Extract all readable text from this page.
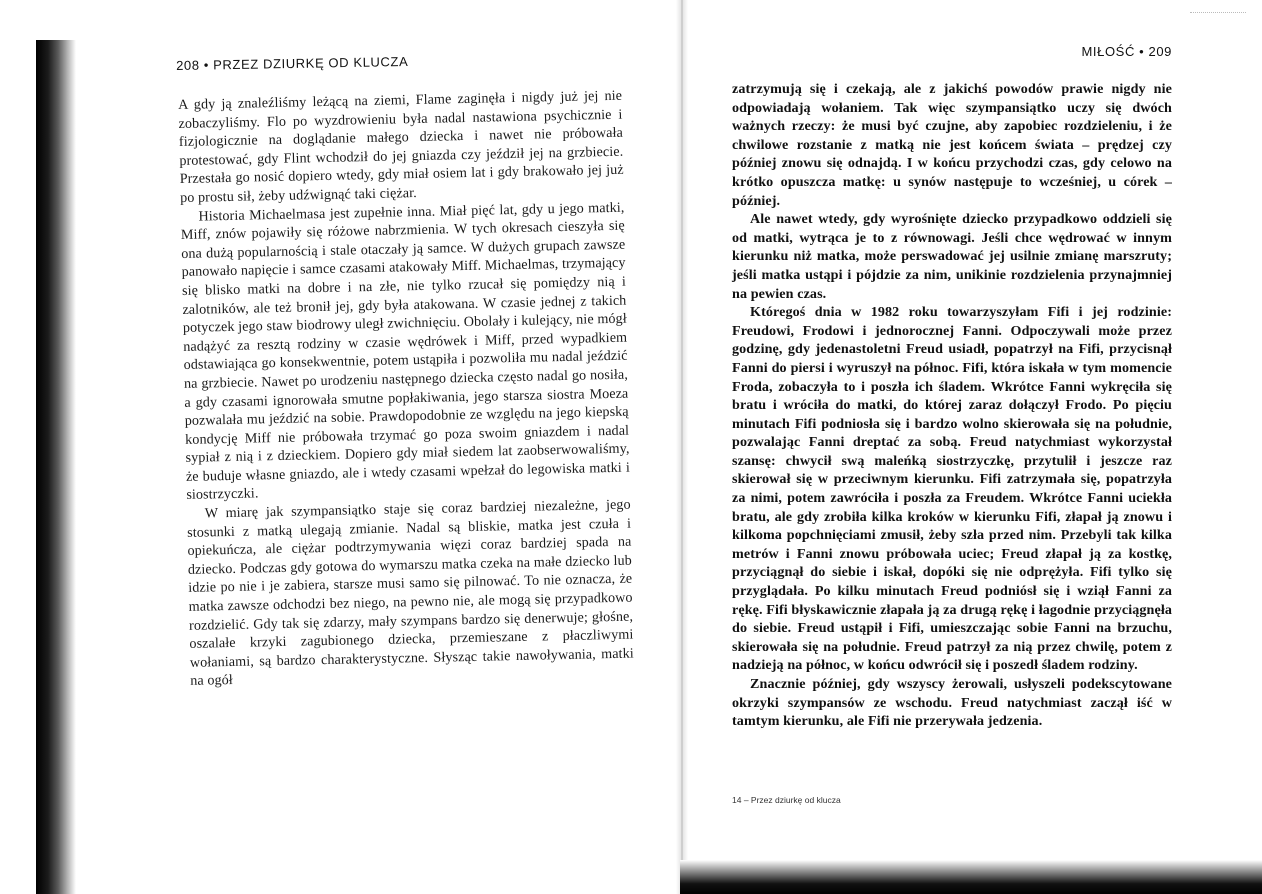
208 • PRZEZ DZIURKĘ OD KLUCZA

A gdy ją znaleźliśmy leżącą na ziemi, Flame zaginęła i nigdy już jej nie zobaczyliśmy. Flo po wyzdrowieniu była nadal nastawiona psychicznie i fizjologicznie na doglądanie małego dziecka i nawet nie próbowała protestować, gdy Flint wchodził do jej gniazda czy jeździł jej na grzbiecie. Przestała go nosić dopiero wtedy, gdy miał osiem lat i gdy brakowało jej już po prostu sił, żeby udźwignąć taki ciężar.

Historia Michaelmasa jest zupełnie inna. Miał pięć lat, gdy u jego matki, Miff, znów pojawiły się różowe nabrzmienia. W tych okresach cieszyła się ona dużą popularnością i stale otaczały ją samce. W dużych grupach zawsze panowało napięcie i samce czasami atakowały Miff. Michaelmas, trzymający się blisko matki na dobre i na złe, nie tylko rzucał się pomiędzy nią i zalotników, ale też bronił jej, gdy była atakowana. W czasie jednej z takich potyczek jego staw biodrowy uległ zwichnięciu. Obolały i kulejący, nie mógł nadążyć za resztą rodziny w czasie wędrówek i Miff, przed wypadkiem odstawiająca go konsekwentnie, potem ustąpiła i pozwoliła mu nadal jeździć na grzbiecie. Nawet po urodzeniu następnego dziecka często nadal go nosiła, a gdy czasami ignorowała smutne popłakiwania, jego starsza siostra Moeza pozwalała mu jeździć na sobie. Prawdopodobnie ze względu na jego kiepską kondycję Miff nie próbowała trzymać go poza swoim gniazdem i nadal sypiał z nią i z dzieckiem. Dopiero gdy miał siedem lat zaobserwowaliśmy, że buduje własne gniazdo, ale i wtedy czasami wpełzał do legowiska matki i siostrzyczki.

W miarę jak szympansiątko staje się coraz bardziej niezależne, jego stosunki z matką ulegają zmianie. Nadal są bliskie, matka jest czuła i opiekuńcza, ale ciężar podtrzymywania więzi coraz bardziej spada na dziecko. Podczas gdy gotowa do wymarszu matka czeka na małe dziecko lub idzie po nie i je zabiera, starsze musi samo się pilnować. To nie oznacza, że matka zawsze odchodzi bez niego, na pewno nie, ale mogą się przypadkowo rozdzielić. Gdy tak się zdarzy, mały szympans bardzo się denerwuje; głośne, oszalałe krzyki zagubionego dziecka, przemieszane z płaczliwymi wołaniami, są bardzo charakterystyczne. Słysząc takie nawoływania, matki na ogół

MIŁOŚĆ • 209

zatrzymują się i czekają, ale z jakichś powodów prawie nigdy nie odpowiadają wołaniem. Tak więc szympansiątko uczy się dwóch ważnych rzeczy: że musi być czujne, aby zapobiec rozdzieleniu, i że chwilowe rozstanie z matką nie jest końcem świata – prędzej czy później znowu się odnajdą. I w końcu przychodzi czas, gdy celowo na krótko opuszcza matkę: u synów następuje to wcześniej, u córek – później.

Ale nawet wtedy, gdy wyrośnięte dziecko przypadkowo oddzieli się od matki, wytrąca je to z równowagi. Jeśli chce wędrować w innym kierunku niż matka, może perswadować jej usilnie zmianę marszruty; jeśli matka ustąpi i pójdzie za nim, unikinie rozdzielenia przynajmniej na pewien czas.

Któregoś dnia w 1982 roku towarzyszyłam Fifi i jej rodzinie: Freudowi, Frodowi i jednorocznej Fanni. Odpoczywali może przez godzinę, gdy jedenastoletni Freud usiadł, popatrzył na Fifi, przycisnął Fanni do piersi i wyruszył na północ. Fifi, która iskała w tym momencie Froda, zobaczyła to i poszła ich śladem. Wkrótce Fanni wykręciła się bratu i wróciła do matki, do której zaraz dołączył Frodo. Po pięciu minutach Fifi podniosła się i bardzo wolno skierowała się na południe, pozwalając Fanni dreptać za sobą. Freud natychmiast wykorzystał szansę: chwycił swą maleńką siostrzyczkę, przytulił i jeszcze raz skierował się w przeciwnym kierunku. Fifi zatrzymała się, popatrzyła za nimi, potem zawróciła i poszła za Freudem. Wkrótce Fanni uciekła bratu, ale gdy zrobiła kilka kroków w kierunku Fifi, złapał ją znowu i kilkoma popchnięciami zmusił, żeby szła przed nim. Przebyli tak kilka metrów i Fanni znowu próbowała uciec; Freud złapał ją za kostkę, przyciągnął do siebie i iskał, dopóki się nie odprężyła. Fifi tylko się przyglądała. Po kilku minutach Freud podniósł się i wziął Fanni za rękę. Fifi błyskawicznie złapała ją za drugą rękę i łagodnie przyciągnęła do siebie. Freud ustąpił i Fifi, umieszczając sobie Fanni na brzuchu, skierowała się na południe. Freud patrzył za nią przez chwilę, potem z nadzieją na północ, w końcu odwrócił się i poszedł śladem rodziny.

Znacznie później, gdy wszyscy żerowali, usłyszeli podekscytowane okrzyki szympansów ze wschodu. Freud natychmiast zaczął iść w tamtym kierunku, ale Fifi nie przerywała jedzenia.

14 – Przez dziurkę od klucza
